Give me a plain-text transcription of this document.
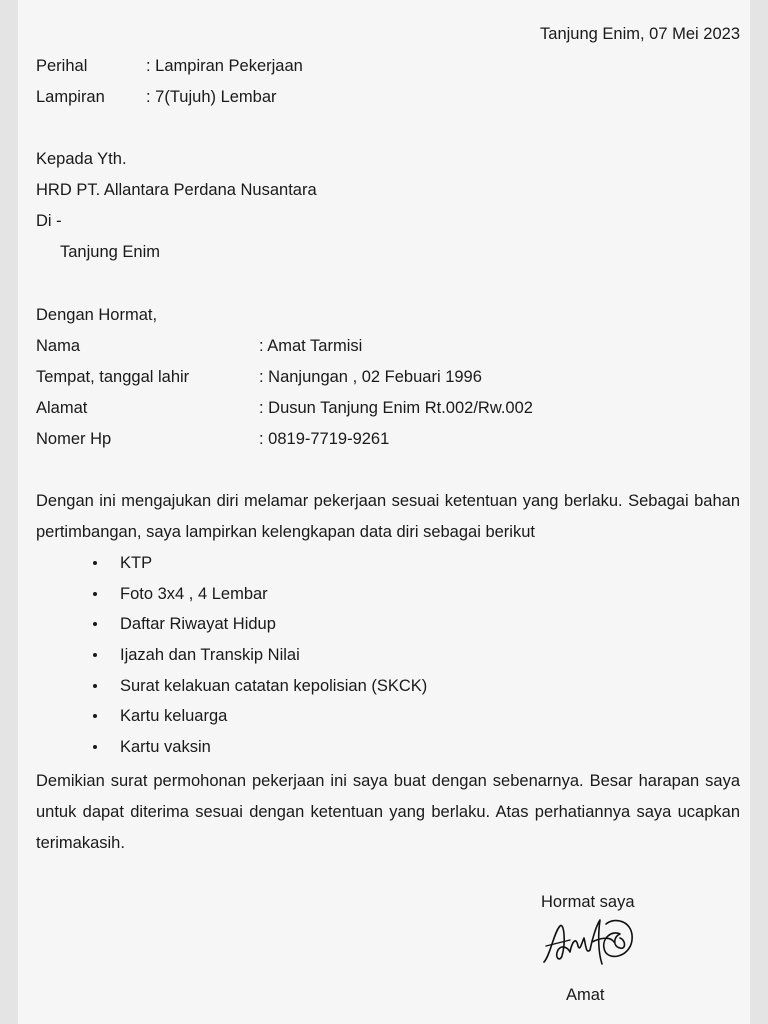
Tanjung Enim, 07 Mei 2023
Perihal	: Lampiran Pekerjaan
Lampiran : 7(Tujuh) Lembar
Kepada Yth.
HRD PT. Allantara Perdana Nusantara
Di -
Tanjung Enim
Dengan Hormat,
Nama	: Amat Tarmisi
Tempat, tanggal lahir	: Nanjungan , 02 Febuari 1996
Alamat	: Dusun Tanjung Enim Rt.002/Rw.002
Nomer Hp	: 0819-7719-9261
Dengan ini mengajukan diri melamar pekerjaan sesuai ketentuan yang berlaku. Sebagai bahan pertimbangan, saya lampirkan kelengkapan data diri sebagai berikut
KTP
Foto 3x4 , 4 Lembar
Daftar Riwayat Hidup
Ijazah dan Transkip Nilai
Surat kelakuan catatan kepolisian (SKCK)
Kartu keluarga
Kartu vaksin
Demikian surat permohonan pekerjaan ini saya buat dengan sebenarnya. Besar harapan saya untuk dapat diterima sesuai dengan ketentuan yang berlaku. Atas perhatiannya saya ucapkan terimakasih.
Hormat saya
Amat
